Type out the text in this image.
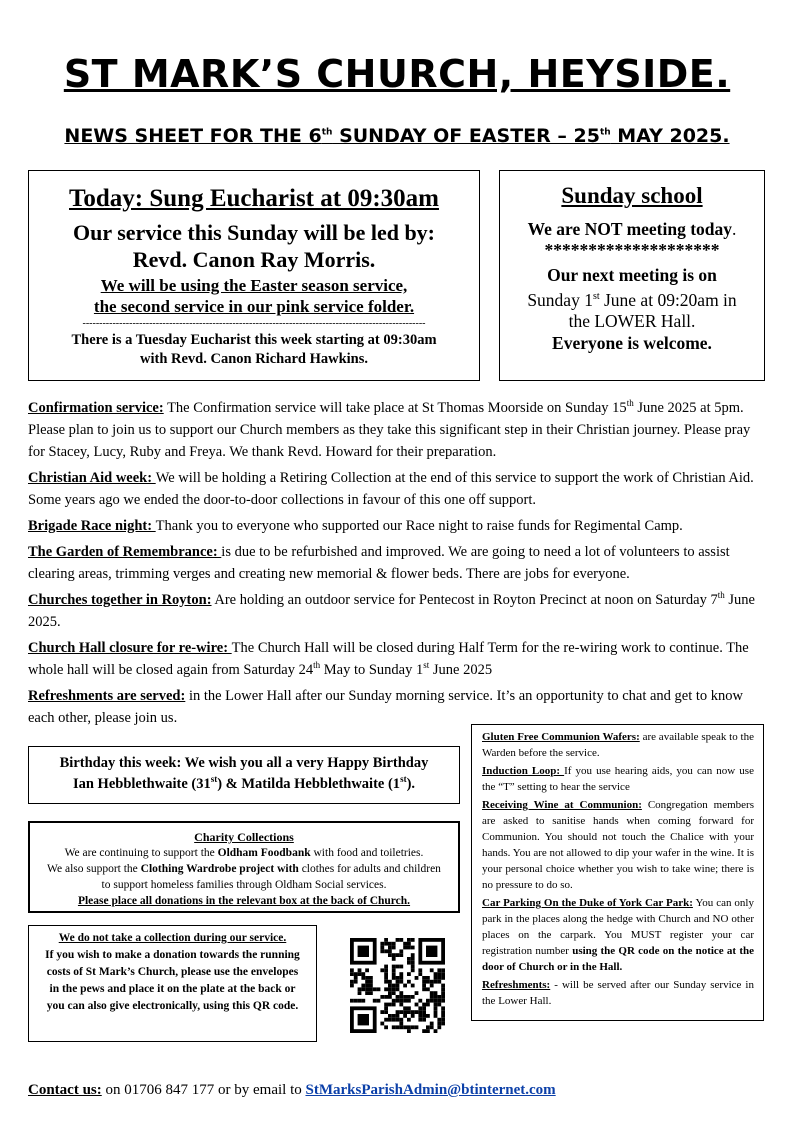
ST MARK’S CHURCH, HEYSIDE.
NEWS SHEET FOR THE 6th SUNDAY OF EASTER – 25th MAY 2025.
Today: Sung Eucharist at 09:30am
Our service this Sunday will be led by:
Revd. Canon Ray Morris.
We will be using the Easter season service,
the second service in our pink service folder.
-------------------------------------------------------------------------------------------------------
There is a Tuesday Eucharist this week starting at 09:30am
with Revd. Canon Richard Hawkins.
Sunday school
We are NOT meeting today.
********************
Our next meeting is on
Sunday 1st June at 09:20am in
the LOWER Hall.
Everyone is welcome.

Confirmation service: The Confirmation service will take place at St Thomas Moorside on Sunday 15th June 2025 at 5pm. Please plan to join us to support our Church members as they take this significant step in their Christian journey. Please pray for Stacey, Lucy, Ruby and Freya. We thank Revd. Howard for their preparation.

Christian Aid week: We will be holding a Retiring Collection at the end of this service to support the work of Christian Aid. Some years ago we ended the door-to-door collections in favour of this one off support.

Brigade Race night: Thank you to everyone who supported our Race night to raise funds for Regimental Camp.

The Garden of Remembrance: is due to be refurbished and improved. We are going to need a lot of volunteers to assist clearing areas, trimming verges and creating new memorial & flower beds. There are jobs for everyone.

Churches together in Royton: Are holding an outdoor service for Pentecost in Royton Precinct at noon on Saturday 7th June 2025.

Church Hall closure for re-wire: The Church Hall will be closed during Half Term for the re-wiring work to continue. The whole hall will be closed again from Saturday 24th May to Sunday 1st June 2025

Refreshments are served: in the Lower Hall after our Sunday morning service. It’s an opportunity to chat and get to know each other, please join us.

Birthday this week: We wish you all a very Happy Birthday
Ian Hebblethwaite (31st) & Matilda Hebblethwaite (1st).
Charity Collections
We are continuing to support the Oldham Foodbank with food and toiletries.
We also support the Clothing Wardrobe project with clothes for adults and children to support homeless families through Oldham Social services.
Please place all donations in the relevant box at the back of Church.
We do not take a collection during our service.
If you wish to make a donation towards the running costs of St Mark’s Church, please use the envelopes in the pews and place it on the plate at the back or you can also give electronically, using this QR code.

Gluten Free Communion Wafers: are available speak to the Warden before the service.

Induction Loop: If you use hearing aids, you can now use the “T” setting to hear the service

Receiving Wine at Communion: Congregation members are asked to sanitise hands when coming forward for Communion. You should not touch the Chalice with your hands. You are not allowed to dip your wafer in the wine. It is your personal choice whether you wish to take wine; there is no pressure to do so.

Car Parking On the Duke of York Car Park: You can only park in the places along the hedge with Church and NO other places on the carpark. You MUST register your car registration number using the QR code on the notice at the door of Church or in the Hall.

Refreshments: - will be served after our Sunday service in the Lower Hall.

Contact us: on 01706 847 177 or by email to StMarksParishAdmin@btinternet.com
